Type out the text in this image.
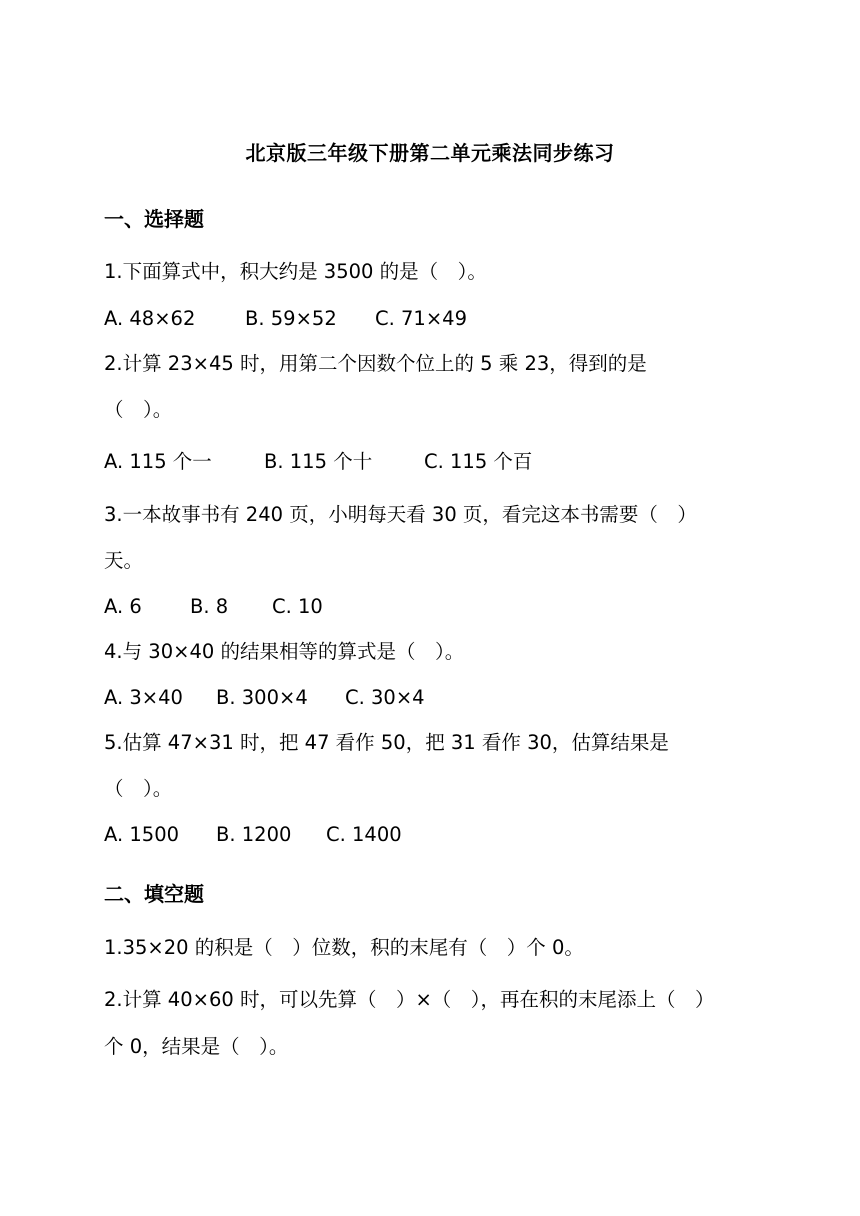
北京版三年级下册第二单元乘法同步练习
一、选择题
1.下面算式中，积大约是 3500 的是（　）。
A. 48×62	B. 59×52 C. 71×49
2.计算 23×45 时，用第二个因数个位上的 5 乘 23，得到的是
（　）。
A. 115 个一	B. 115 个十	C. 115 个百
3.一本故事书有 240 页，小明每天看 30 页，看完这本书需要（　）
天。
A. 6 B. 8 C. 10
4.与 30×40 的结果相等的算式是（　）。
A. 3×40 B. 300×4 C. 30×4
5.估算 47×31 时，把 47 看作 50，把 31 看作 30，估算结果是
（　）。
A. 1500 B. 1200 C. 1400
二、填空题
1.35×20 的积是（　）位数，积的末尾有（　）个 0。
2.计算 40×60 时，可以先算（　）×（　），再在积的末尾添上（　）
个 0，结果是（　）。
